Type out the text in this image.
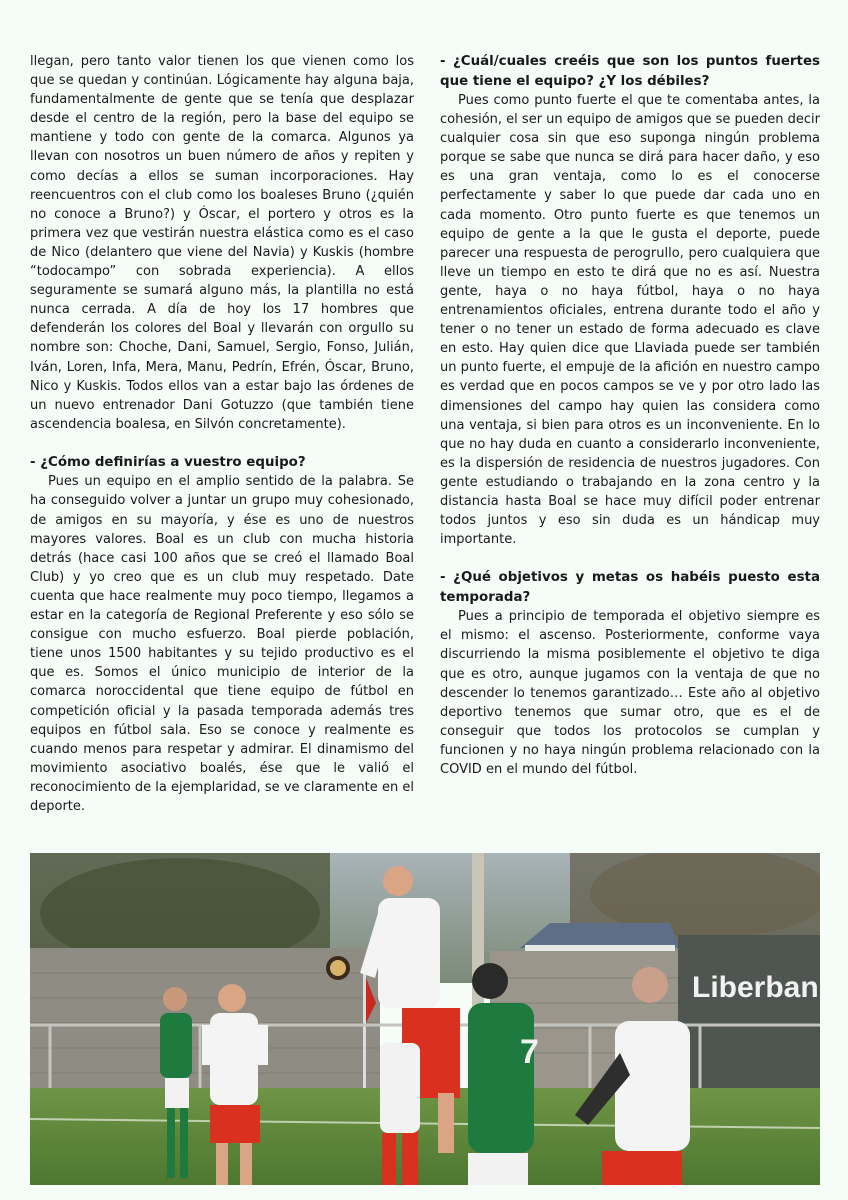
llegan, pero tanto valor tienen los que vienen como los que se quedan y continúan. Lógicamente hay alguna baja, fundamentalmente de gente que se tenía que desplazar desde el centro de la región, pero la base del equipo se mantiene y todo con gente de la comarca. Algunos ya llevan con nosotros un buen número de años y repiten y como decías a ellos se suman incorporaciones. Hay reencuentros con el club como los boaleses Bruno (¿quién no conoce a Bruno?) y Óscar, el portero y otros es la primera vez que vestirán nuestra elástica como es el caso de Nico (delantero que viene del Navia) y Kuskis (hombre “todocampo” con sobrada experiencia). A ellos seguramente se sumará alguno más, la plantilla no está nunca cerrada. A día de hoy los 17 hombres que defenderán los colores del Boal y llevarán con orgullo su nombre son: Choche, Dani, Samuel, Sergio, Fonso, Julián, Iván, Loren, Infa, Mera, Manu, Pedrín, Efrén, Óscar, Bruno, Nico y Kuskis. Todos ellos van a estar bajo las órdenes de un nuevo entrenador Dani Gotuzzo (que también tiene ascendencia boalesa, en Silvón concretamente).

- ¿Cómo definirías a vuestro equipo?

Pues un equipo en el amplio sentido de la palabra. Se ha conseguido volver a juntar un grupo muy cohesionado, de amigos en su mayoría, y ése es uno de nuestros mayores valores. Boal es un club con mucha historia detrás (hace casi 100 años que se creó el llamado Boal Club) y yo creo que es un club muy respetado. Date cuenta que hace realmente muy poco tiempo, llegamos a estar en la categoría de Regional Preferente y eso sólo se consigue con mucho esfuerzo. Boal pierde población, tiene unos 1500 habitantes y su tejido productivo es el que es. Somos el único municipio de interior de la comarca noroccidental que tiene equipo de fútbol en competición oficial y la pasada temporada además tres equipos en fútbol sala. Eso se conoce y realmente es cuando menos para respetar y admirar. El dinamismo del movimiento asociativo boalés, ése que le valió el reconocimiento de la ejemplaridad, se ve claramente en el deporte.

- ¿Cuál/cuales creéis que son los puntos fuertes que tiene el equipo? ¿Y los débiles?

Pues como punto fuerte el que te comentaba antes, la cohesión, el ser un equipo de amigos que se pueden decir cualquier cosa sin que eso suponga ningún problema porque se sabe que nunca se dirá para hacer daño, y eso es una gran ventaja, como lo es el conocerse perfectamente y saber lo que puede dar cada uno en cada momento. Otro punto fuerte es que tenemos un equipo de gente a la que le gusta el deporte, puede parecer una respuesta de perogrullo, pero cualquiera que lleve un tiempo en esto te dirá que no es así. Nuestra gente, haya o no haya fútbol, haya o no haya entrenamientos oficiales, entrena durante todo el año y tener o no tener un estado de forma adecuado es clave en esto. Hay quien dice que Llaviada puede ser también un punto fuerte, el empuje de la afición en nuestro campo es verdad que en pocos campos se ve y por otro lado las dimensiones del campo hay quien las considera como una ventaja, si bien para otros es un inconveniente. En lo que no hay duda en cuanto a considerarlo inconveniente, es la dispersión de residencia de nuestros jugadores. Con gente estudiando o trabajando en la zona centro y la distancia hasta Boal se hace muy difícil poder entrenar todos juntos y eso sin duda es un hándicap muy importante.

- ¿Qué objetivos y metas os habéis puesto esta temporada?

Pues a principio de temporada el objetivo siempre es el mismo: el ascenso. Posteriormente, conforme vaya discurriendo la misma posiblemente el objetivo te diga que es otro, aunque jugamos con la ventaja de que no descender lo tenemos garantizado… Este año al objetivo deportivo tenemos que sumar otro, que es el de conseguir que todos los protocolos se cumplan y funcionen y no haya ningún problema relacionado con la COVID en el mundo del fútbol.

Liberban
7
